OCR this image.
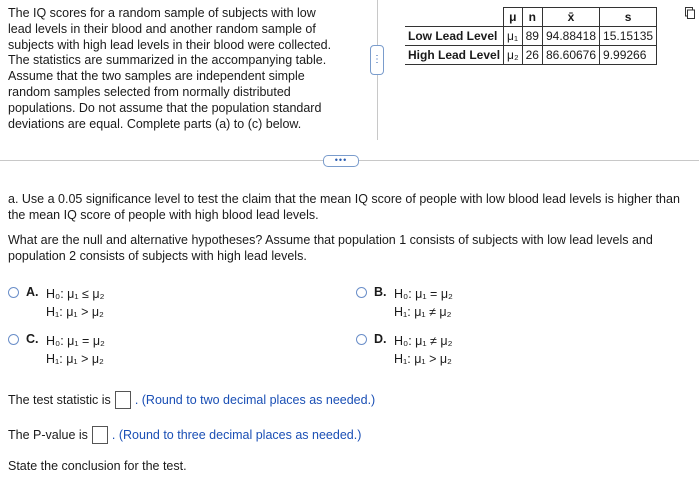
The IQ scores for a random sample of subjects with low
lead levels in their blood and another random sample of
subjects with high lead levels in their blood were collected.
The statistics are summarized in the accompanying table.
Assume that the two samples are independent simple
random samples selected from normally distributed
populations. Do not assume that the population standard
deviations are equal. Complete parts (a) to (c) below.
⋮
	μ	n	x̄	s
Low Lead Level	μ₁	89	94.88418	15.15135
High Lead Level	μ₂	26	86.60676	9.99266
•••
a. Use a 0.05 significance level to test the claim that the mean IQ score of people with low blood lead levels is higher than the mean IQ score of people with high blood lead levels.
What are the null and alternative hypotheses? Assume that population 1 consists of subjects with low lead levels and population 2 consists of subjects with high lead levels.
A. H₀: μ₁ ≤ μ₂
H₁: μ₁ > μ₂
B. H₀: μ₁ = μ₂
H₁: μ₁ ≠ μ₂
C. H₀: μ₁ = μ₂
H₁: μ₁ > μ₂
D. H₀: μ₁ ≠ μ₂
H₁: μ₁ > μ₂
The test statistic is . (Round to two decimal places as needed.)
The P-value is . (Round to three decimal places as needed.)
State the conclusion for the test.
